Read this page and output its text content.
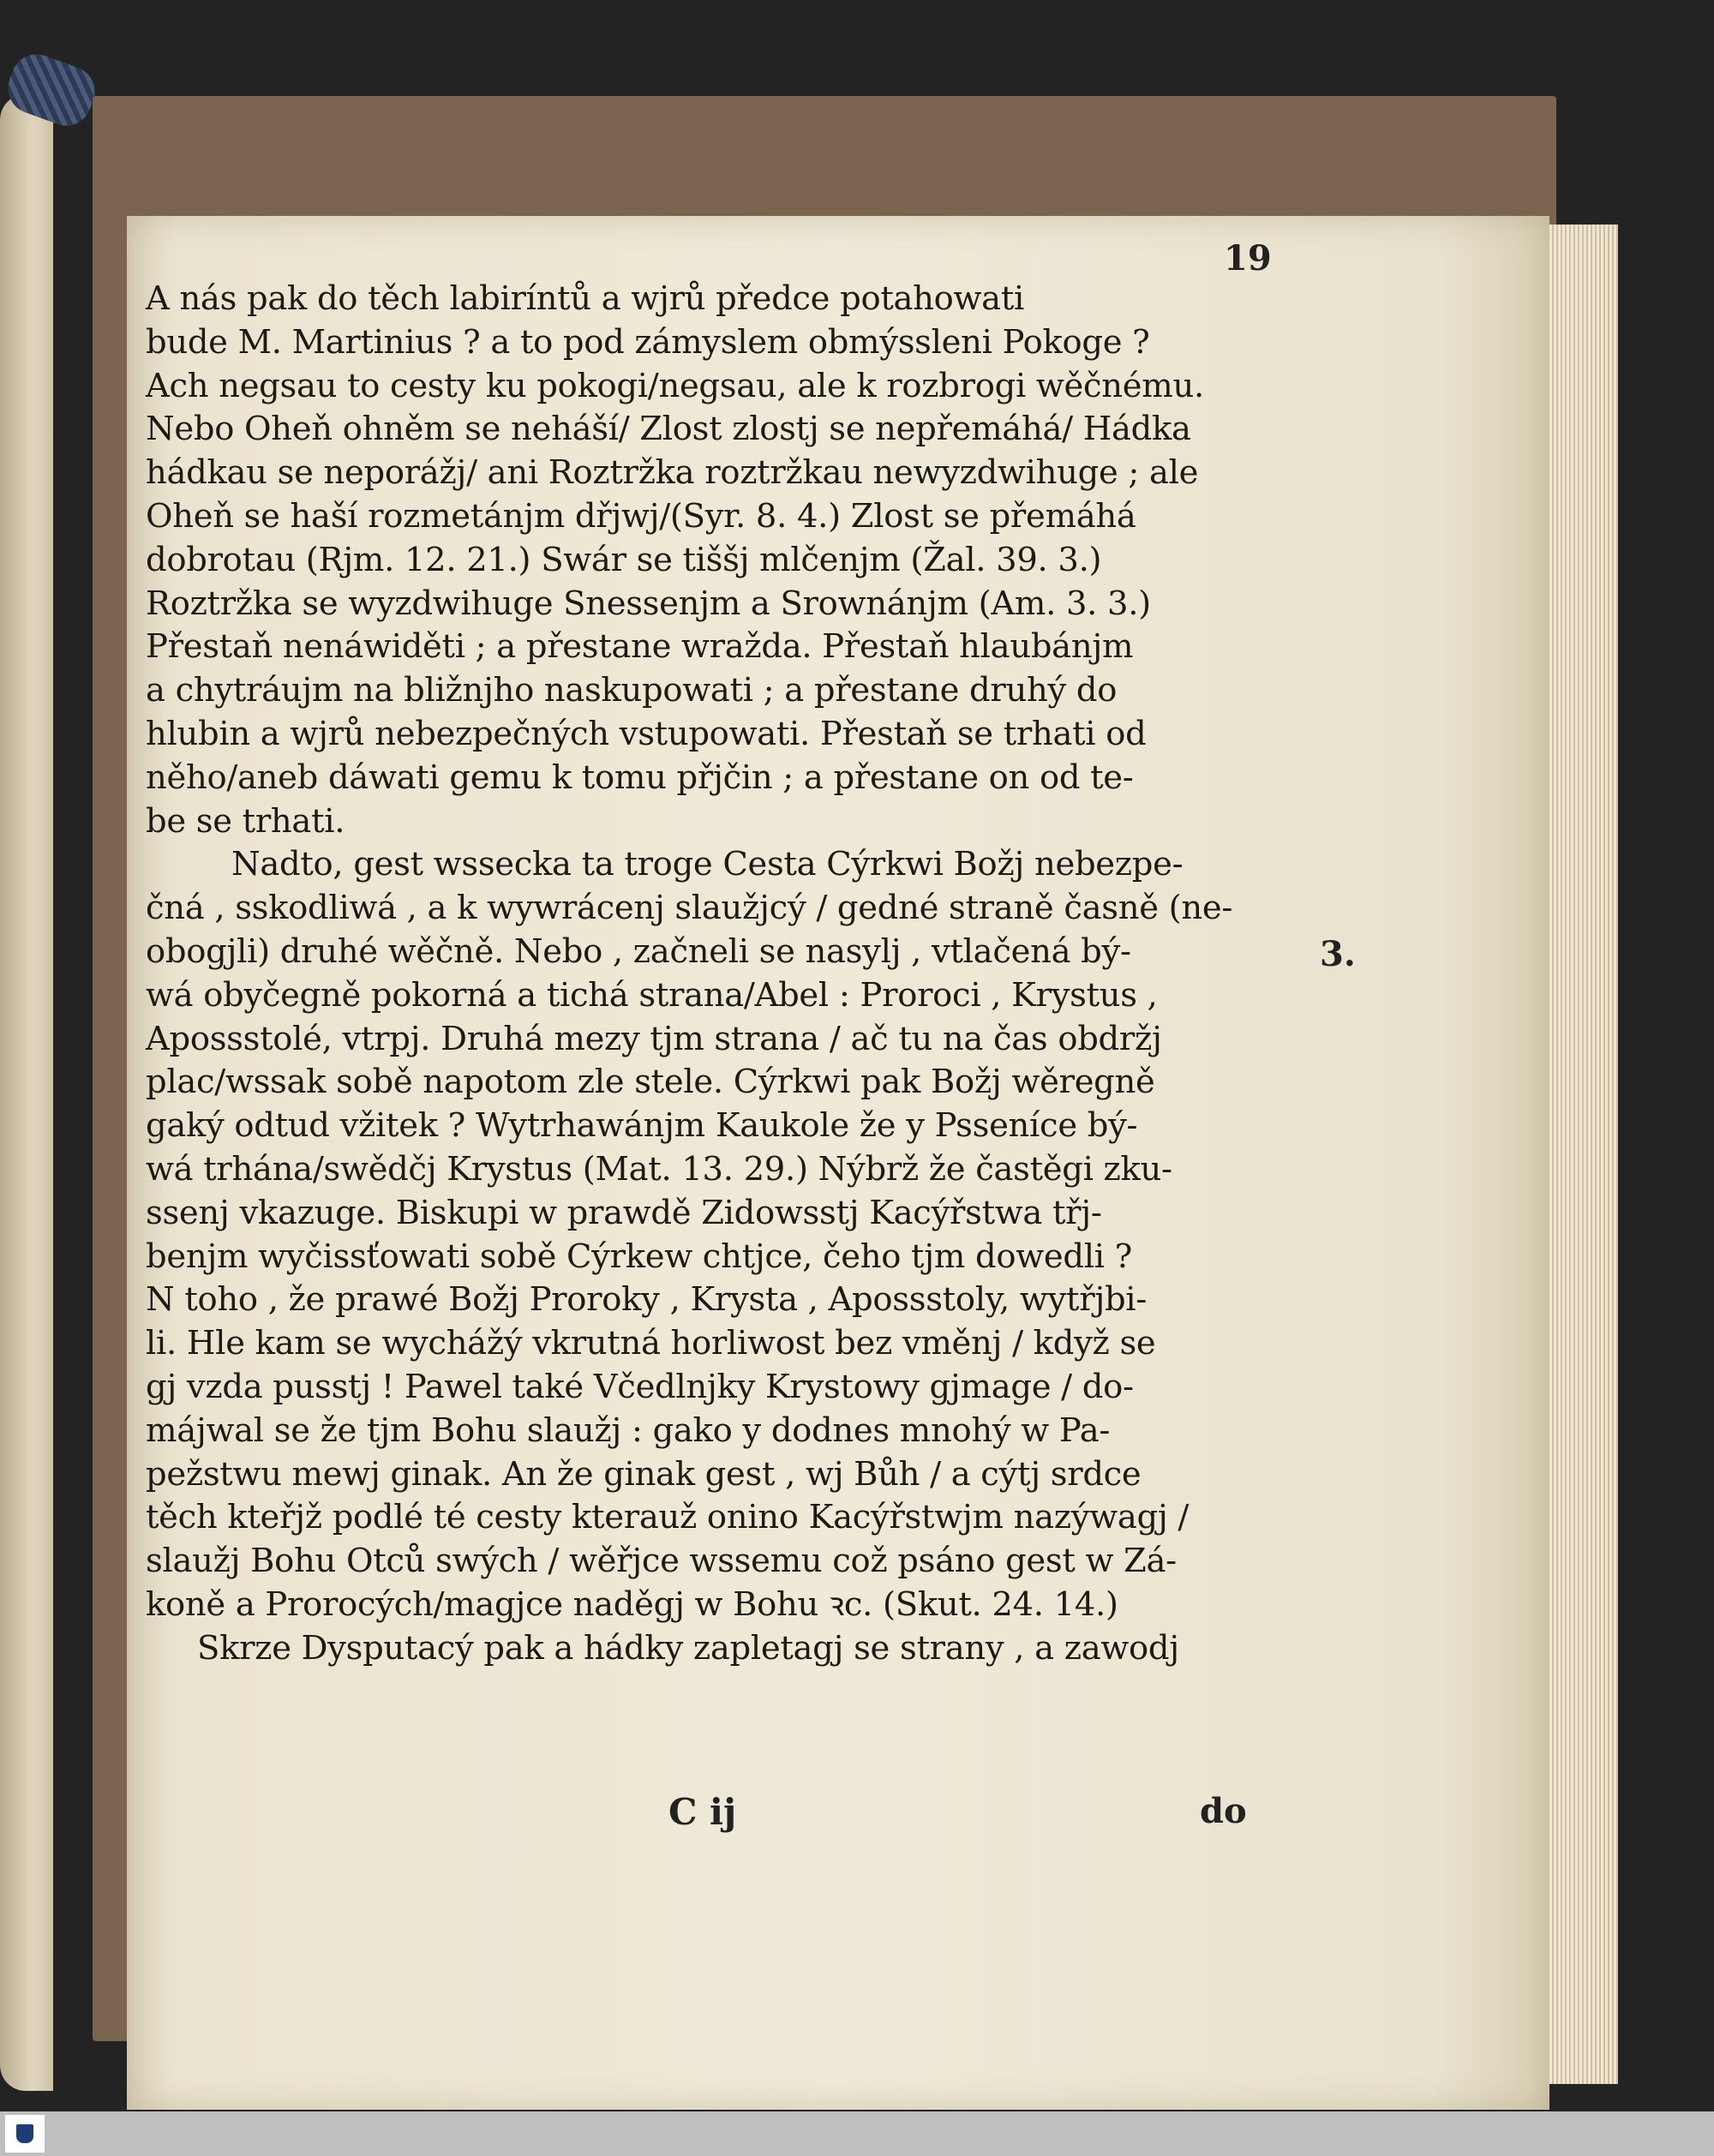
19
A nás pak do těch labiríntů a wjrů předce potahowati
bude M. Martinius ? a to pod zámyslem obmýssleni Pokoge ?
Ach negsau to cesty ku pokogi/negsau, ale k rozbrogi wěčnému.
Nebo Oheň ohněm se neháší/ Zlost zlostj se nepřemáhá/ Hádka
hádkau se neporážj/ ani Roztržka roztržkau newyzdwihuge ; ale
Oheň se haší rozmetánjm dřjwj/(Syr. 8. 4.) Zlost se přemáhá
dobrotau (Rjm. 12. 21.) Swár se tiššj mlčenjm (Žal. 39. 3.)
Roztržka se wyzdwihuge Snessenjm a Srownánjm (Am. 3. 3.)
Přestaň nenáwiděti ; a přestane wražda. Přestaň hlaubánjm
a chytráujm na bližnjho naskupowati ; a přestane druhý do
hlubin a wjrů nebezpečných vstupowati. Přestaň se trhati od
něho/aneb dáwati gemu k tomu přjčin ; a přestane on od te-
be se trhati.
Nadto, gest wssecka ta troge Cesta Cýrkwi Božj nebezpe-
čná , sskodliwá , a k wywrácenj slaužjcý / gedné straně časně (ne-
obogjli) druhé wěčně. Nebo , začneli se nasylj , vtlačená bý-
wá obyčegně pokorná a tichá strana/Abel : Proroci , Krystus ,
Apossstolé, vtrpj. Druhá mezy tjm strana / ač tu na čas obdržj
plac/wssak sobě napotom zle stele. Cýrkwi pak Božj wěregně
gaký odtud vžitek ? Wytrhawánjm Kaukole že y Psseníce bý-
wá trhána/swědčj Krystus (Mat. 13. 29.) Nýbrž že častěgi zku-
ssenj vkazuge. Biskupi w prawdě Zidowsstj Kacýřstwa třj-
benjm wyčissťowati sobě Cýrkew chtjce, čeho tjm dowedli ?
N toho , že prawé Božj Proroky , Krysta , Apossstoly, wytřjbi-
li. Hle kam se wychážý vkrutná horliwost bez vměnj / když se
gj vzda pusstj ! Pawel také Včedlnjky Krystowy gjmage / do-
májwal se že tjm Bohu slaužj : gako y dodnes mnohý w Pa-
pežstwu mewj ginak. An že ginak gest , wj Bůh / a cýtj srdce
těch kteřjž podlé té cesty kterauž onino Kacýřstwjm nazýwagj /
slaužj Bohu Otců swých / wěřjce wssemu což psáno gest w Zá-
koně a Prorocých/magjce naděgj w Bohu ꝛc. (Skut. 24. 14.)
Skrze Dysputacý pak a hádky zapletagj se strany , a zawodj
3.
C ij	do
